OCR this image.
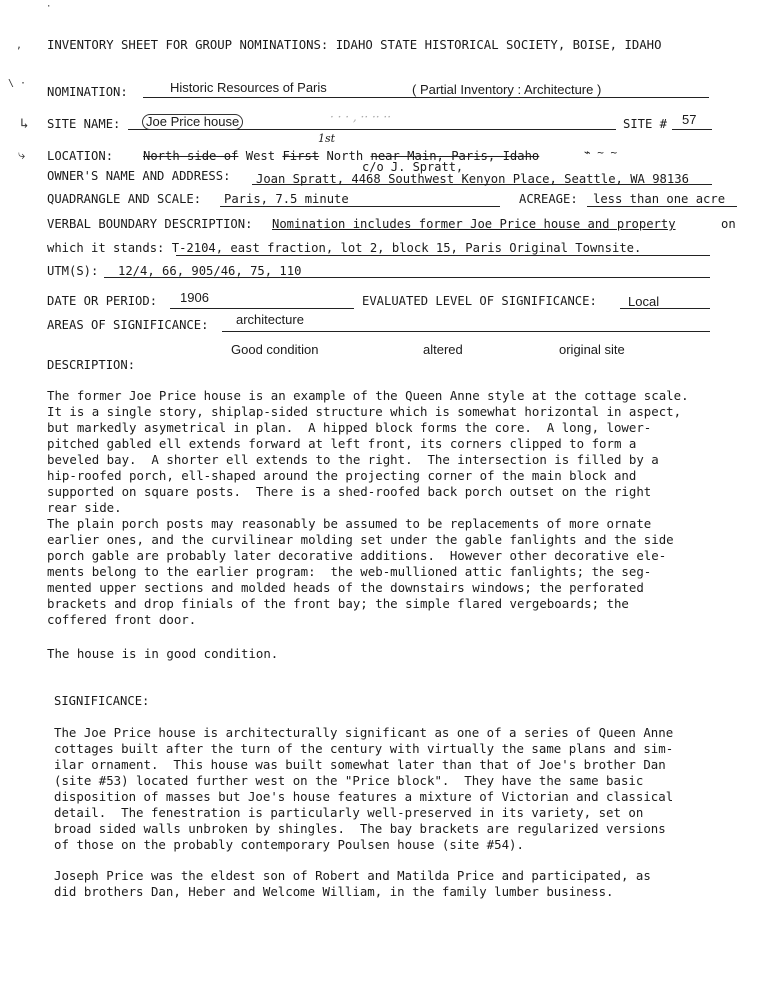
·
,
\ ·
↳
⤷
INVENTORY SHEET FOR GROUP NOMINATIONS: IDAHO STATE HISTORICAL SOCIETY, BOISE, IDAHO
NOMINATION:	Historic Resources of Paris	( Partial Inventory : Architecture )
SITE NAME:	Joe Price house	· · · , ·· ·· ··	SITE # 57
LOCATION:
1st
North side of West First North near Main, Paris, Idaho	⌁ ~ ~
OWNER'S NAME AND ADDRESS:
c/o J. Spratt,
Joan Spratt, 4468 Southwest Kenyon Place, Seattle, WA 98136
QUADRANGLE AND SCALE: Paris, 7.5 minute	ACREAGE: less than one acre
VERBAL BOUNDARY DESCRIPTION: Nomination includes former Joe Price house and property	on
which it stands: T-2104, east fraction, lot 2, block 15, Paris Original Townsite.
UTM(S): 12/4, 66, 905/46, 75, 110
DATE OR PERIOD: 1906	EVALUATED LEVEL OF SIGNIFICANCE: Local
AREAS OF SIGNIFICANCE: architecture
Good condition	altered	original site
DESCRIPTION:

The former Joe Price house is an example of the Queen Anne style at the cottage scale.

It is a single story, shiplap-sided structure which is somewhat horizontal in aspect,

but markedly asymetrical in plan.  A hipped block forms the core.  A long, lower-

pitched gabled ell extends forward at left front, its corners clipped to form a

beveled bay.  A shorter ell extends to the right.  The intersection is filled by a

hip-roofed porch, ell-shaped around the projecting corner of the main block and

supported on square posts.  There is a shed-roofed back porch outset on the right

rear side.

The plain porch posts may reasonably be assumed to be replacements of more ornate

earlier ones, and the curvilinear molding set under the gable fanlights and the side

porch gable are probably later decorative additions.  However other decorative ele-

ments belong to the earlier program:  the web-mullioned attic fanlights; the seg-

mented upper sections and molded heads of the downstairs windows; the perforated

brackets and drop finials of the front bay; the simple flared vergeboards; the

coffered front door.

The house is in good condition.

SIGNIFICANCE:

The Joe Price house is architecturally significant as one of a series of Queen Anne

cottages built after the turn of the century with virtually the same plans and sim-

ilar ornament.  This house was built somewhat later than that of Joe's brother Dan

(site #53) located further west on the "Price block".  They have the same basic

disposition of masses but Joe's house features a mixture of Victorian and classical

detail.  The fenestration is particularly well-preserved in its variety, set on

broad sided walls unbroken by shingles.  The bay brackets are regularized versions

of those on the probably contemporary Poulsen house (site #54).

Joseph Price was the eldest son of Robert and Matilda Price and participated, as

did brothers Dan, Heber and Welcome William, in the family lumber business.
